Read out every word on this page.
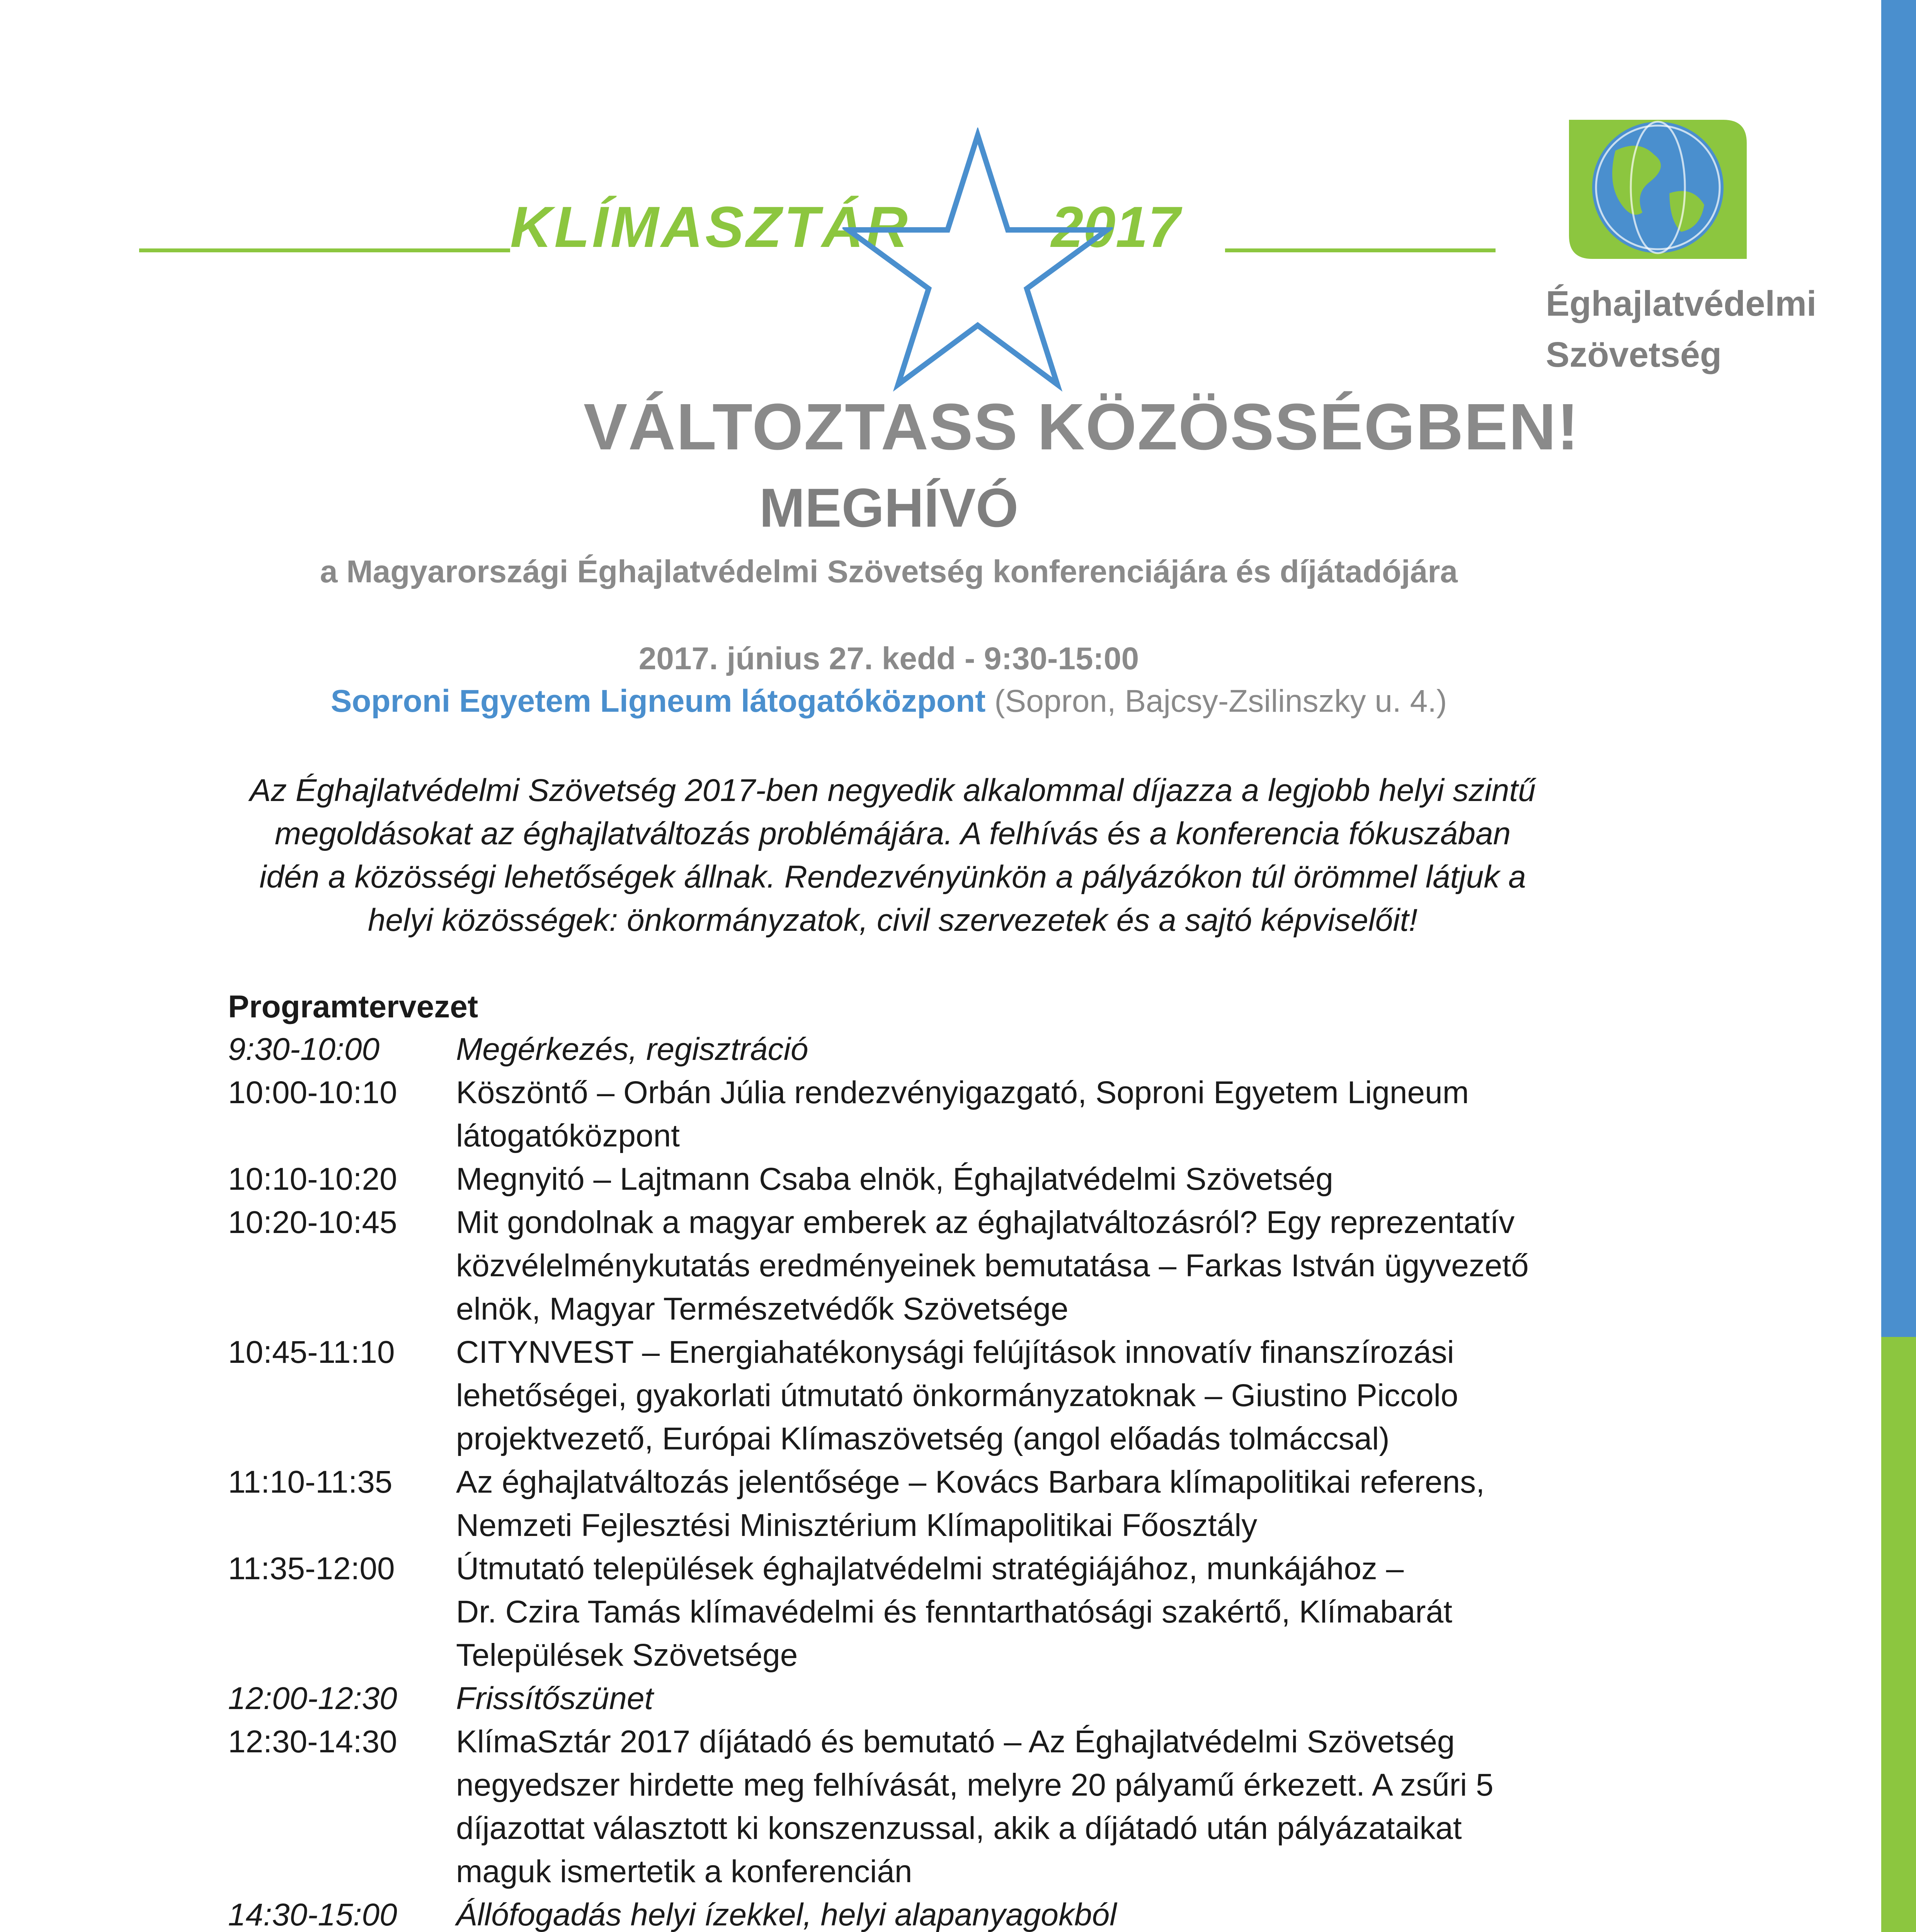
KLÍMASZTÁR 2017
Éghajlatvédelmi
Szövetség
VÁLTOZTASS KÖZÖSSÉGBEN!
MEGHÍVÓ
a Magyarországi Éghajlatvédelmi Szövetség konferenciájára és díjátadójára
2017. június 27. kedd - 9:30-15:00
Soproni Egyetem Ligneum látogatóközpont (Sopron, Bajcsy-Zsilinszky u. 4.)
Az Éghajlatvédelmi Szövetség 2017-ben negyedik alkalommal díjazza a legjobb helyi szintű
megoldásokat az éghajlatváltozás problémájára. A felhívás és a konferencia fókuszában
idén a közösségi lehetőségek állnak. Rendezvényünkön a pályázókon túl örömmel látjuk a
helyi közösségek: önkormányzatok, civil szervezetek és a sajtó képviselőit!
Programtervezet
9:30-10:00	Megérkezés, regisztráció
10:00-10:10	Köszöntő – Orbán Júlia rendezvényigazgató, Soproni Egyetem Ligneum
látogatóközpont
10:10-10:20	Megnyitó – Lajtmann Csaba elnök, Éghajlatvédelmi Szövetség
10:20-10:45	Mit gondolnak a magyar emberek az éghajlatváltozásról? Egy reprezentatív
közvélelménykutatás eredményeinek bemutatása – Farkas István ügyvezető
elnök, Magyar Természetvédők Szövetsége
10:45-11:10	CITYNVEST – Energiahatékonysági felújítások innovatív finanszírozási
lehetőségei, gyakorlati útmutató önkormányzatoknak – Giustino Piccolo
projektvezető, Európai Klímaszövetség (angol előadás tolmáccsal)
11:10-11:35	Az éghajlatváltozás jelentősége – Kovács Barbara klímapolitikai referens,
Nemzeti Fejlesztési Minisztérium Klímapolitikai Főosztály
11:35-12:00	Útmutató települések éghajlatvédelmi stratégiájához, munkájához –
Dr. Czira Tamás klímavédelmi és fenntarthatósági szakértő, Klímabarát
Települések Szövetsége
12:00-12:30	Frissítőszünet
12:30-14:30	KlímaSztár 2017 díjátadó és bemutató – Az Éghajlatvédelmi Szövetség
negyedszer hirdette meg felhívását, melyre 20 pályamű érkezett. A zsűri 5
díjazottat választott ki konszenzussal, akik a díjátadó után pályázataikat
maguk ismertetik a konferencián
14:30-15:00	Állófogadás helyi ízekkel, helyi alapanyagokból
